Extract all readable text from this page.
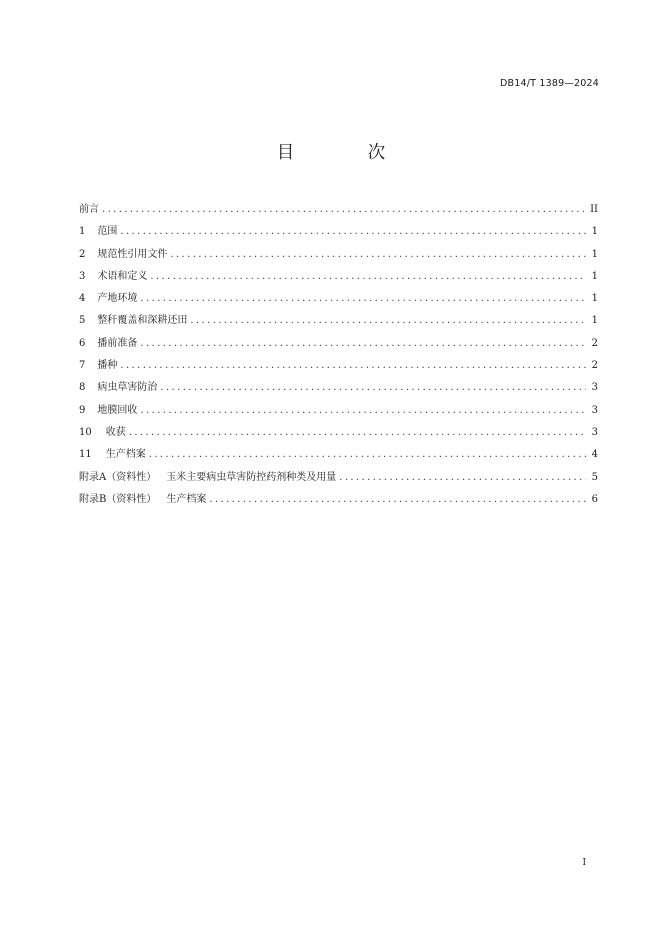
DB14/T 1389—2024
目 次
前言 .....	II
1 范围 .....	1
2 规范性引用文件 .....	1
3 术语和定义 .....	1
4 产地环境 .....	1
5 整秆覆盖和深耕还田 .....	1
6 播前准备 .....	2
7 播种 .....	2
8 病虫草害防治 .....	3
9 地膜回收 .....	3
10 收获 .....	3
11 生产档案 .....	4
附录A（资料性） 玉米主要病虫草害防控药剂种类及用量 .....	5
附录B（资料性） 生产档案 .....	6
I
